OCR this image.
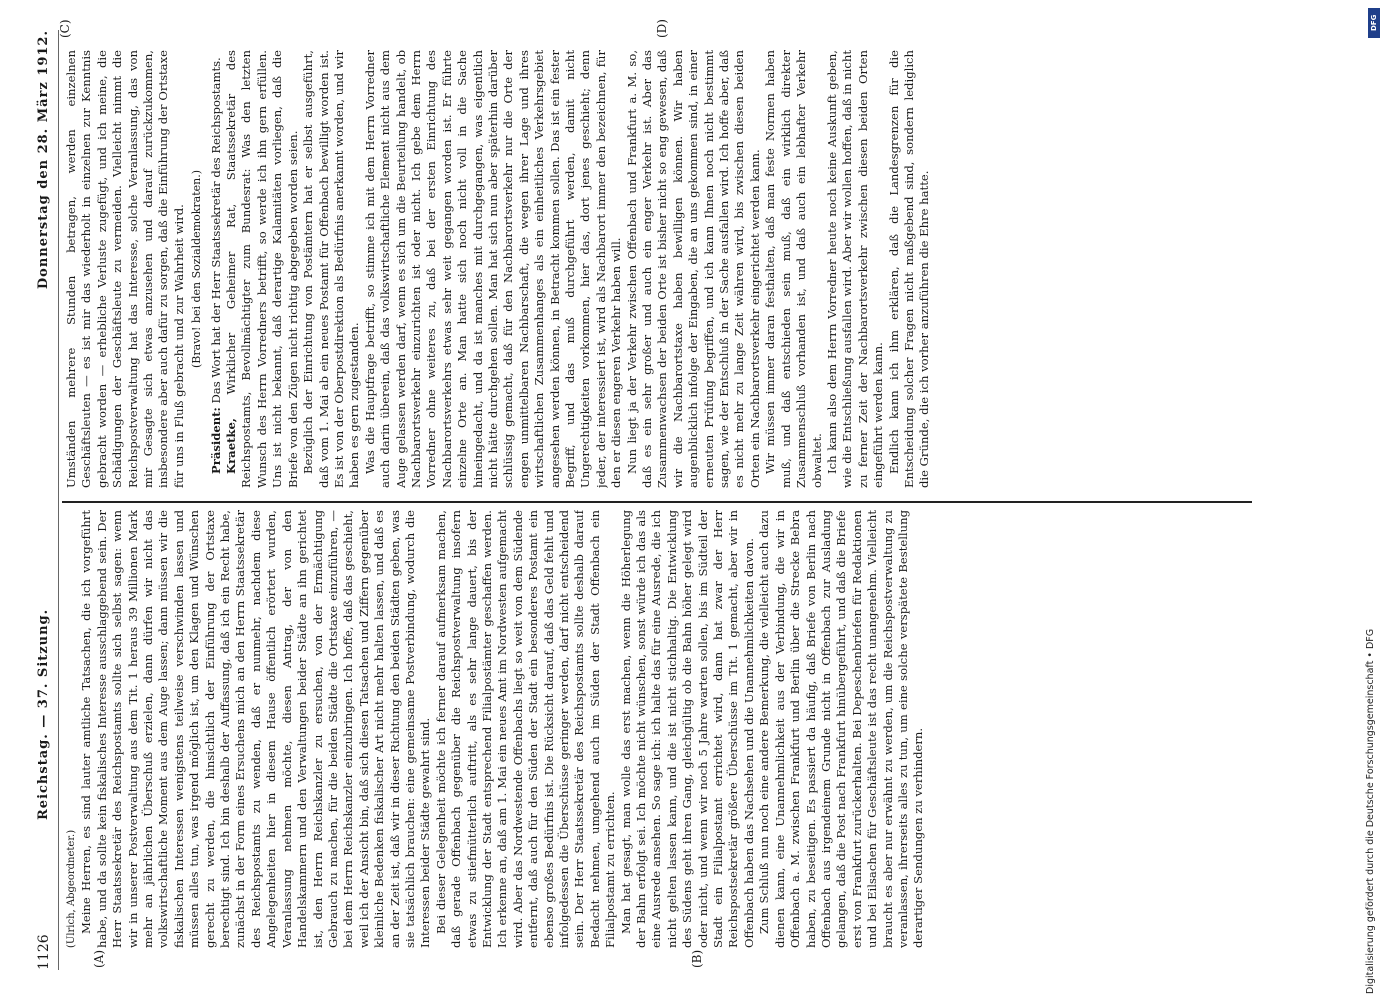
1126
Reichstag. — 37. Sitzung.
Donnerstag den 28. März 1912.
(A)	(B)
(C)	(D)

(Ulrich, Abgeordneter.) Meine Herren, es sind lauter amtliche Tatsachen, die ich vorgeführt habe, und da sollte kein fiskalisches Interesse ausschlaggebend sein. Der Herr Staatssekretär des Reichspostamts sollte sich selbst sagen: wenn wir in unserer Postverwaltung aus dem Tit. 1 heraus 39 Millionen Mark mehr an jährlichen Überschuß erzielen, dann dürfen wir nicht das volkswirtschaftliche Moment aus dem Auge lassen; dann müssen wir die fiskalischen Interessen wenigstens teilweise verschwinden lassen und müssen alles tun, was irgend möglich ist, um den Klagen und Wünschen gerecht zu werden, die hinsichtlich der Einführung der Ortstaxe berechtigt sind. Ich bin deshalb der Auffassung, daß ich ein Recht habe, zunächst in der Form eines Ersuchens mich an den Herrn Staatssekretär des Reichspostamts zu wenden, daß er nunmehr, nachdem diese Angelegenheiten hier in diesem Hause öffentlich erörtert wurden, Veranlassung nehmen möchte, diesen Antrag, der von den Handelskammern und den Verwaltungen beider Städte an ihn gerichtet ist, den Herrn Reichskanzler zu ersuchen, von der Ermächtigung Gebrauch zu machen, für die beiden Städte die Ortstaxe einzuführen, — bei dem Herrn Reichskanzler einzubringen. Ich hoffe, daß das geschieht, weil ich der Ansicht bin, daß sich diesen Tatsachen und Ziffern gegenüber kleinliche Bedenken fiskalischer Art nicht mehr halten lassen, und daß es an der Zeit ist, daß wir in dieser Richtung den beiden Städten geben, was sie tatsächlich brauchen: eine gemeinsame Postverbindung, wodurch die Interessen beider Städte gewahrt sind. Bei dieser Gelegenheit möchte ich ferner darauf aufmerksam machen, daß gerade Offenbach gegenüber die Reichspostverwaltung insofern etwas zu stiefmütterlich auftritt, als es sehr lange dauert, bis der Entwicklung der Stadt entsprechend Filialpostämter geschaffen werden. Ich erkenne an, daß am 1. Mai ein neues Amt im Nordwesten aufgemacht wird. Aber das Nordwestende Offenbachs liegt so weit von dem Südende entfernt, daß auch für den Süden der Stadt ein besonderes Postamt ein ebenso großes Bedürfnis ist. Die Rücksicht darauf, daß das Geld fehlt und infolgedessen die Überschüsse geringer werden, darf nicht entscheidend sein. Der Herr Staatssekretär des Reichspostamts sollte deshalb darauf Bedacht nehmen, umgehend auch im Süden der Stadt Offenbach ein Filialpostamt zu errichten. Man hat gesagt, man wolle das erst machen, wenn die Höherlegung der Bahn erfolgt sei. Ich möchte nicht wünschen, sonst würde ich das als eine Ausrede ansehen. So sage ich: ich halte das für eine Ausrede, die ich nicht gelten lassen kann, und die ist nicht stichhaltig. Die Entwicklung des Südens geht ihren Gang, gleichgültig ob die Bahn höher gelegt wird oder nicht, und wenn wir noch 5 Jahre warten sollen, bis im Südteil der Stadt ein Filialpostamt errichtet wird, dann hat zwar der Herr Reichspostsekretär größere Überschüsse im Tit. 1 gemacht, aber wir in Offenbach haben das Nachsehen und die Unannehmlichkeiten davon. Zum Schluß nun noch eine andere Bemerkung, die vielleicht auch dazu dienen kann, eine Unannehmlichkeit aus der Verbindung, die wir in Offenbach a. M. zwischen Frankfurt und Berlin über die Strecke Bebra haben, zu beseitigen. Es passiert da häufig, daß Briefe von Berlin nach Offenbach aus irgendeinem Grunde nicht in Offenbach zur Ausladung gelangen, daß die Post nach Frankfurt hinübergeführt, und daß die Briefe erst von Frankfurt zurückerhalten. Bei Depeschenbriefen für Redaktionen und bei Eilsachen für Geschäftsleute ist das recht unangenehm. Vielleicht braucht es aber nur erwähnt zu werden, um die Reichspostverwaltung zu veranlassen, ihrerseits alles zu tun, um eine solche verspätete Bestellung derartiger Sendungen zu verhindern.

Umständen mehrere Stunden betragen, werden einzelnen Geschäftsleuten — es ist mir das wiederholt in einzelnen zur Kenntnis gebracht worden — erhebliche Verluste zugefügt, und ich meine, die Schädigungen der Geschäftsleute zu vermeiden. Vielleicht nimmt die Reichspostverwaltung hat das Interesse, solche Veranlassung, das von mir Gesagte sich etwas anzusehen und darauf zurückzukommen, insbesondere aber auch dafür zu sorgen, daß die Einführung der Ortstaxe für uns in Fluß gebracht und zur Wahrheit wird. (Bravo! bei den Sozialdemokraten.)

Präsident: Das Wort hat der Herr Staatssekretär des Reichspostamts.

Kraetke, Wirklicher Geheimer Rat, Staatssekretär des Reichspostamts, Bevollmächtigter zum Bundesrat: Was den letzten Wunsch des Herrn Vorredners betrifft, so werde ich ihn gern erfüllen. Uns ist nicht bekannt, daß derartige Kalamitäten vorliegen, daß die Briefe von den Zügen nicht richtig abgegeben worden seien. Bezüglich der Einrichtung von Postämtern hat er selbst ausgeführt, daß vom 1. Mai ab ein neues Postamt für Offenbach bewilligt worden ist. Es ist von der Oberpostdirektion als Bedürfnis anerkannt worden, und wir haben es gern zugestanden. Was die Hauptfrage betrifft, so stimme ich mit dem Herrn Vorredner auch darin überein, daß das volkswirtschaftliche Element nicht aus dem Auge gelassen werden darf, wenn es sich um die Beurteilung handelt, ob Nachbarortsverkehr einzurichten ist oder nicht. Ich gebe dem Herrn Vorredner ohne weiteres zu, daß bei der ersten Einrichtung des Nachbarortsverkehrs etwas sehr weit gegangen worden ist. Er führte einzelne Orte an. Man hatte sich noch nicht voll in die Sache hineingedacht, und da ist manches mit durchgegangen, was eigentlich nicht hätte durchgehen sollen. Man hat sich nun aber späterhin darüber schlüssig gemacht, daß für den Nachbarortsverkehr nur die Orte der engen unmittelbaren Nachbarschaft, die wegen ihrer Lage und ihres wirtschaftlichen Zusammenhanges als ein einheitliches Verkehrsgebiet angesehen werden können, in Betracht kommen sollen. Das ist ein fester Begriff, und das muß durchgeführt werden, damit nicht Ungerechtigkeiten vorkommen, hier das, dort jenes geschieht; denn jeder, der interessiert ist, wird als Nachbarort immer den bezeichnen, für den er diesen engeren Verkehr haben will. Nun liegt ja der Verkehr zwischen Offenbach und Frankfurt a. M. so, daß es ein sehr großer und auch ein enger Verkehr ist. Aber das Zusammenwachsen der beiden Orte ist bisher nicht so eng gewesen, daß wir die Nachbarortstaxe haben bewilligen können. Wir haben augenblicklich infolge der Eingaben, die an uns gekommen sind, in einer erneuten Prüfung begriffen, und ich kann Ihnen noch nicht bestimmt sagen, wie der Entschluß in der Sache ausfallen wird. Ich hoffe aber, daß es nicht mehr zu lange Zeit währen wird, bis zwischen diesen beiden Orten ein Nachbarortsverkehr eingerichtet werden kann. Wir müssen immer daran festhalten, daß man feste Normen haben muß, und daß entschieden sein muß, daß ein wirklich direkter Zusammenschluß vorhanden ist, und daß auch ein lebhafter Verkehr obwaltet. Ich kann also dem Herrn Vorredner heute noch keine Auskunft geben, wie die Entschließung ausfallen wird. Aber wir wollen hoffen, daß in nicht zu ferner Zeit der Nachbarortsverkehr zwischen diesen beiden Orten eingeführt werden kann. Endlich kann ich ihm erklären, daß die Landesgrenzen für die Entscheidung solcher Fragen nicht maßgebend sind, sondern lediglich die Gründe, die ich vorher anzuführen die Ehre hatte.

DFG
Digitalisierung gefördert durch die Deutsche Forschungsgemeinschaft • DFG
